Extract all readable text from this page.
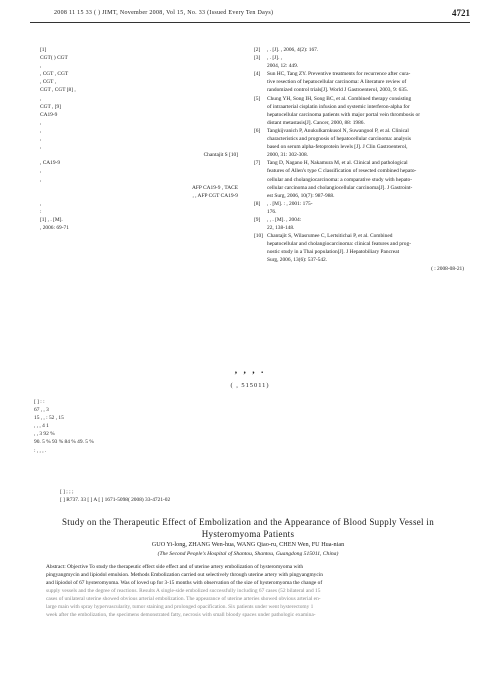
2008 11 15 33 ( ) JIMT, November 2008, Vol 15, No. 33 (Issued Every Ten Days)	4721
[1]
CGT( ) CGT
,
, CGT , CGT
, CGT ,
CGT , CGT [8] ,
,
CGT , [9]
CA19-9
,
,
,
,
Chantajit S [10]
, CA19-9
,
,
AFP CA19-9 , TACE
, , AFP CGT CA19-9
,
:
[1] , . [M].
, 2006: 69-71
[2] , . [J]. , 2006, 4(2): 167.
[3] , . [J]. ,
2004, 12: 449.
[4] Sun HC, Tang ZY. Preventive treatments for recurrence after cura-
tive resection of hepatocellular carcinoma: A literature review of
randomized control trials[J]. World J Gastroenterol, 2003, 9: 635.
[5] Chung YH, Song IH, Song BC, et al. Combined therapy consisting
of intraarterial cisplatin infusion and systemic interferon-alpha for
hepatocellular carcinoma patients with major portal vein thrombosis or
distant metastasis[J]. Cancer, 2000, 88: 1986.
[6] Tangkijvanich P, Anukulkarnkusol N, Suwangool P, et al. Clinical
characteristics and prognosis of hepatocellular carcinoma: analysis
based on serum alpha-fetoprotein levels [J]. J Clin Gastroenterol,
2000, 31: 302-308.
[7] Tang D, Nagano H, Nakamura M, et al. Clinical and pathological
features of Allen's type C classification of resected combined hepato-
cellular and cholangiocarcinoma: a comparative study with hepato-
cellular carcinoma and cholangiocellular carcinoma[J]. J Gastroint-
est Surg, 2006, 10(7): 987-988.
[8] , . [M]. : , 2001: 175-
176.
[9] , , . [M]. , 2004:
22, 138-148.
[10] Chantajit S, Wilasrumee C, Lertsitichai P, et al. Combined
hepatocellular and cholangiocarcinoma: clinical features and prog-
nostic study in a Thai population[J]. J Hepatobiliary Pancreat
Surg, 2006, 13(6): 537-542.
( : 2008-08-21)
, , , .
( , 515011)
[ ] : :
67 , , 3
15 , , : 52 , 15
, , , 4 1
, , 3 92 %
90. 5 % 93 % 84 % 49. 5 %
: , , , .
[ ] ; ; ;
[ ] R737. 33 [ ] A [ ] 1671-5098( 2008) 33-4721-02
Study on the Therapeutic Effect of Embolization and the Appearance of Blood Supply Vessel in Hysteromyoma Patients
GUO Yi-long, ZHANG Wen-hua, WANG Qiao-ru, CHEN Wen, FU Hua-nian
(The Second People's Hospital of Shantou, Shantou, Guangdong 515011, China)
Abstract: Objective To study the therapeutic effect side effect and of uterine artery embolization of hysteromyoma with
pingyangmycin and lipiodol emulsion. Methods Embolization carried out selectively through uterine artery with pingyangmycin
and lipiodol of 67 hysteromyoma. Was of loved up for 3-15 months with observation of the size of hysteromyoma the change of
supply vessels and the degree of reactions. Results A single-side embolized successfully including 67 cases (52 bilateral and 15
cases of unilateral uterine showed obvious arterial embolization. The appearance of uterine arteries showed obvious arterial en-
large main with spray hypervascularity, tumor staining and prolonged opacification. Six patients under went hysterectomy 1
week after the embolization, the specimens demonstrated fatty, necrosis with small bloody spaces under pathologic examina-
